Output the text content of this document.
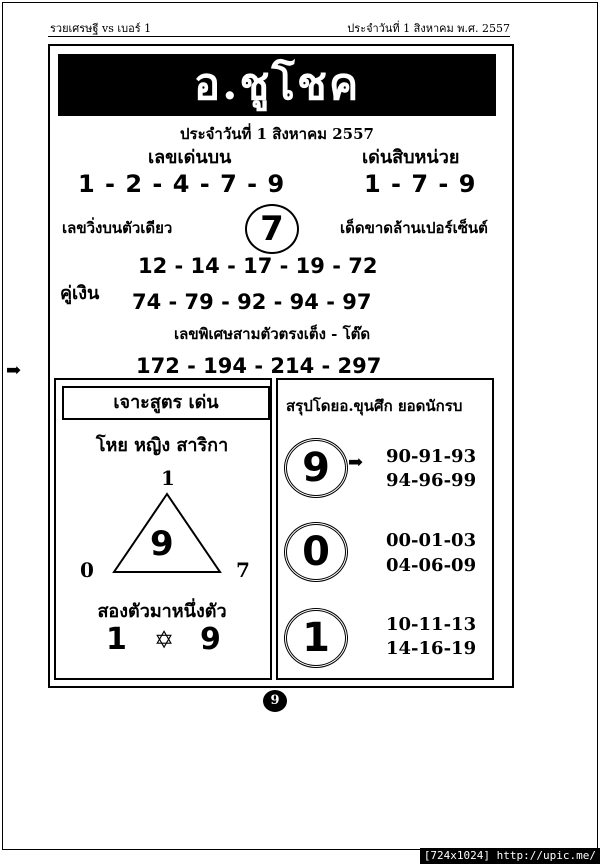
รวยเศรษฐี vs เบอร์ 1	ประจำวันที่ 1 สิงหาคม พ.ศ. 2557
➡
อ.ชูโชค
ประจำวันที่ 1 สิงหาคม 2557
เลขเด่นบน	เด่นสิบหน่วย
1 - 2 - 4 - 7 - 9	1 - 7 - 9
เลขวิ่งบนตัวเดียว	7	เด็ดขาดล้านเปอร์เซ็นต์
คู่เงิน
12 - 14 - 17 - 19 - 72
74 - 79 - 92 - 94 - 97
เลขพิเศษสามตัวตรงเต็ง - โต๊ด
172 - 194 - 214 - 297
เจาะสูตร เด่น
โหย หญิง สาริกา
1
9
0	7
สองตัวมาหนึ่งตัว
1 ✡ 9
สรุปโดยอ.ขุนศึก ยอดนักรบ
9	➡ 90-91-93
94-96-99
0	00-01-03
04-06-09
1	10-11-13
14-16-19
9
[724x1024] http://upic.me/
